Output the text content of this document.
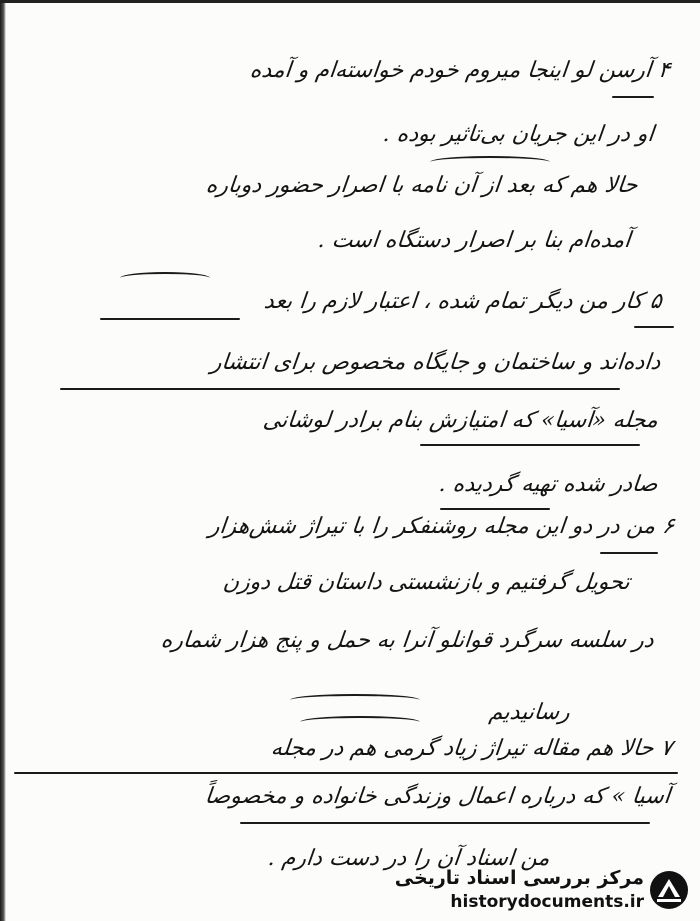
۴ آرسن لو اینجا میروم خودم خواسته‌ام و آمده
او در این جریان بی‌تاثیر بوده .
حالا هم که بعد از آن نامه با اصرار حضور دوباره
آمده‌ام بنا بر اصرار دستگاه است .
۵ کار من دیگر تمام شده ، اعتبار لازم را بعد
داده‌اند و ساختمان و جایگاه مخصوص برای انتشار
مجله «آسیا» که امتیازش بنام برادر لوشانی
صادر شده تهیه گردیده .
۶ من در دو این مجله روشنفکر را با تیراژ شش‌هزار
تحویل گرفتیم و بازنشستی داستان قتل دوزن
در سلسه سرگرد قوانلو آنرا به حمل و پنج هزار شماره
رسانیدیم
۷ حالا هم مقاله تیراژ زیاد گرمی هم در مجله
آسیا » که درباره اعمال وزندگی خانواده و مخصوصاً
من اسناد آن را در دست دارم .
مرکز بررسی اسناد تاریخی
historydocuments.ir
